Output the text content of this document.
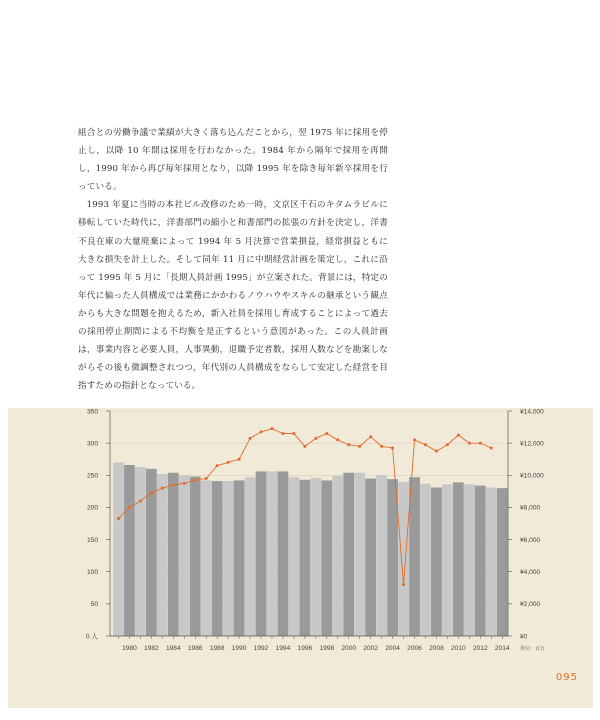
組合との労働争議で業績が大きく落ち込んだことから，翌 1975 年に採用を停止し，以降 10 年間は採用を行わなかった。1984 年から隔年で採用を再開し，1990 年から再び毎年採用となり，以降 1995 年を除き毎年新卒採用を行っている。

1993 年夏に当時の本社ビル改修のため一時，文京区千石のキタムラビルに移転していた時代に，洋書部門の縮小と和書部門の拡張の方針を決定し，洋書不良在庫の大量廃棄によって 1994 年 5 月決算で営業損益，経常損益ともに大きな損失を計上した。そして同年 11 月に中期経営計画を策定し，これに沿って 1995 年 5 月に「長期人員計画 1995」が立案された。背景には，特定の年代に偏った人員構成では業務にかかわるノウハウやスキルの継承という観点からも大きな問題を抱えるため，新入社員を採用し育成することによって過去の採用停止期間による不均衡を是正するという意図があった。この人員計画は，事業内容と必要人員，人事異動，退職予定者数，採用人数などを勘案しながらその後も微調整されつつ，年代別の人員構成をならして安定した経営を目指すための指針となっている。

0 人
50
100
150
200
250
300
350
¥0
¥2,000
¥4,000
¥6,000
¥8,000
¥10,000
¥12,000
¥14,000
1980 1982 1984 1986 1988 1990 1992 1994 1996 1998 2000 2002 2004 2006 2008 2010 2012 2014 単位：百万
095
